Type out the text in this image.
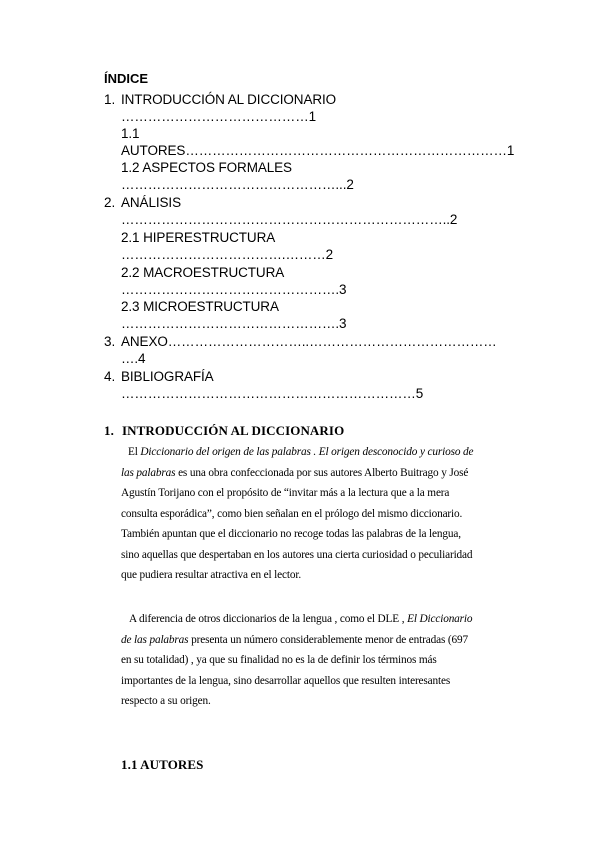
ÍNDICE
1. INTRODUCCIÓN AL DICCIONARIO
……………………………………1
1.1
AUTORES………………………………………………………………1
1.2 ASPECTOS FORMALES
…………………………………………...2
2. ANÁLISIS
………………………………………………………………..2
2.1 HIPERESTRUCTURA
……………………………….………2
2.2 MACROESTRUCTURA
………………………………………….3
2.3 MICROESTRUCTURA
………………………………………….3
3. ANEXO…………………………..……………………………………
….4
4. BIBLIOGRAFÍA
…………………………………………………………5
1. INTRODUCCIÓN AL DICCIONARIO
El Diccionario del origen de las palabras . El origen desconocido y curioso de
las palabras es una obra confeccionada por sus autores Alberto Buitrago y José
Agustín Torijano con el propósito de “invitar más a la lectura que a la mera
consulta esporádica”, como bien señalan en el prólogo del mismo diccionario.
También apuntan que el diccionario no recoge todas las palabras de la lengua,
sino aquellas que despertaban en los autores una cierta curiosidad o peculiaridad
que pudiera resultar atractiva en el lector.
A diferencia de otros diccionarios de la lengua , como el DLE , El Diccionario
de las palabras presenta un número considerablemente menor de entradas (697
en su totalidad) , ya que su finalidad no es la de definir los términos más
importantes de la lengua, sino desarrollar aquellos que resulten interesantes
respecto a su origen.
1.1 AUTORES
